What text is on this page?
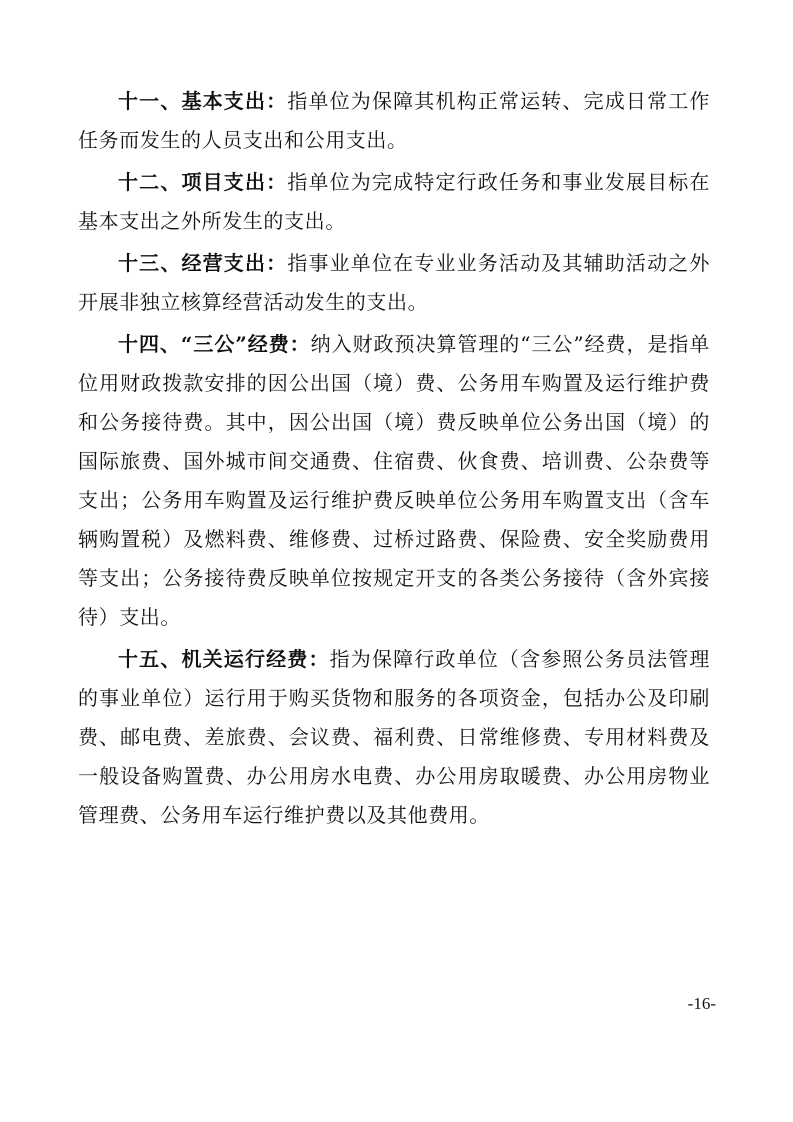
十一、基本支出：指单位为保障其机构正常运转、完成日常工作任务而发生的人员支出和公用支出。

十二、项目支出：指单位为完成特定行政任务和事业发展目标在基本支出之外所发生的支出。

十三、经营支出：指事业单位在专业业务活动及其辅助活动之外开展非独立核算经营活动发生的支出。

十四、“三公”经费：纳入财政预决算管理的“三公”经费，是指单位用财政拨款安排的因公出国（境）费、公务用车购置及运行维护费和公务接待费。其中，因公出国（境）费反映单位公务出国（境）的国际旅费、国外城市间交通费、住宿费、伙食费、培训费、公杂费等支出；公务用车购置及运行维护费反映单位公务用车购置支出（含车辆购置税）及燃料费、维修费、过桥过路费、保险费、安全奖励费用等支出；公务接待费反映单位按规定开支的各类公务接待（含外宾接待）支出。

十五、机关运行经费：指为保障行政单位（含参照公务员法管理的事业单位）运行用于购买货物和服务的各项资金，包括办公及印刷费、邮电费、差旅费、会议费、福利费、日常维修费、专用材料费及一般设备购置费、办公用房水电费、办公用房取暖费、办公用房物业管理费、公务用车运行维护费以及其他费用。

-16-
